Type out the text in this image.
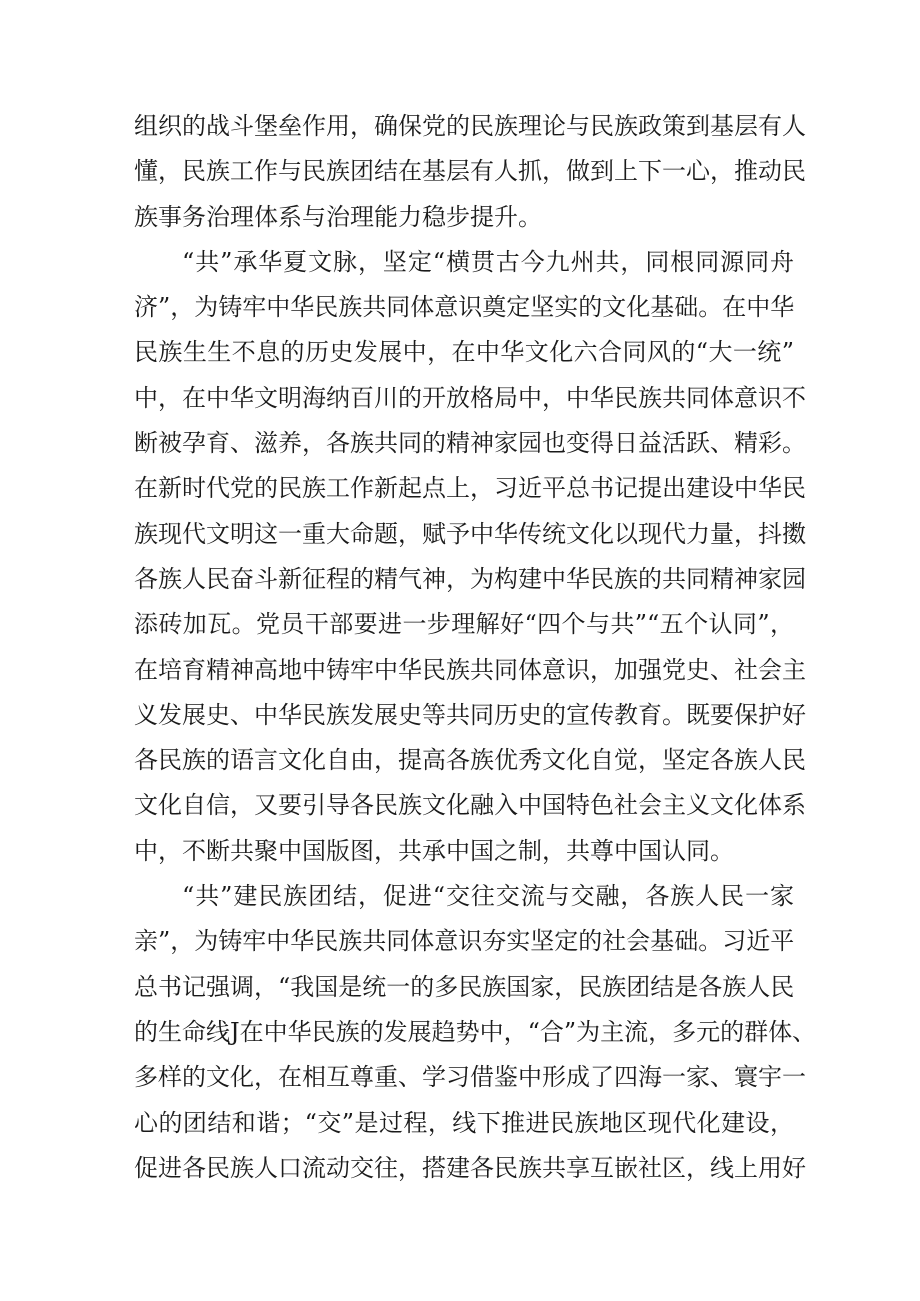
组织的战斗堡垒作用，确保党的民族理论与民族政策到基层有人
懂，民族工作与民族团结在基层有人抓，做到上下一心，推动民
族事务治理体系与治理能力稳步提升。
“共”承华夏文脉，坚定“横贯古今九州共，同根同源同舟
济”，为铸牢中华民族共同体意识奠定坚实的文化基础。在中华
民族生生不息的历史发展中，在中华文化六合同风的“大一统”
中，在中华文明海纳百川的开放格局中，中华民族共同体意识不
断被孕育、滋养，各族共同的精神家园也变得日益活跃、精彩。
在新时代党的民族工作新起点上，习近平总书记提出建设中华民
族现代文明这一重大命题，赋予中华传统文化以现代力量，抖擞
各族人民奋斗新征程的精气神，为构建中华民族的共同精神家园
添砖加瓦。党员干部要进一步理解好“四个与共”“五个认同”，
在培育精神高地中铸牢中华民族共同体意识，加强党史、社会主
义发展史、中华民族发展史等共同历史的宣传教育。既要保护好
各民族的语言文化自由，提高各族优秀文化自觉，坚定各族人民
文化自信，又要引导各民族文化融入中国特色社会主义文化体系
中，不断共聚中国版图，共承中国之制，共尊中国认同。
“共”建民族团结，促进“交往交流与交融，各族人民一家
亲”，为铸牢中华民族共同体意识夯实坚定的社会基础。习近平
总书记强调，“我国是统一的多民族国家，民族团结是各族人民
的生命线J在中华民族的发展趋势中，“合”为主流，多元的群体、
多样的文化，在相互尊重、学习借鉴中形成了四海一家、寰宇一
心的团结和谐；“交”是过程，线下推进民族地区现代化建设，
促进各民族人口流动交往，搭建各民族共享互嵌社区，线上用好
